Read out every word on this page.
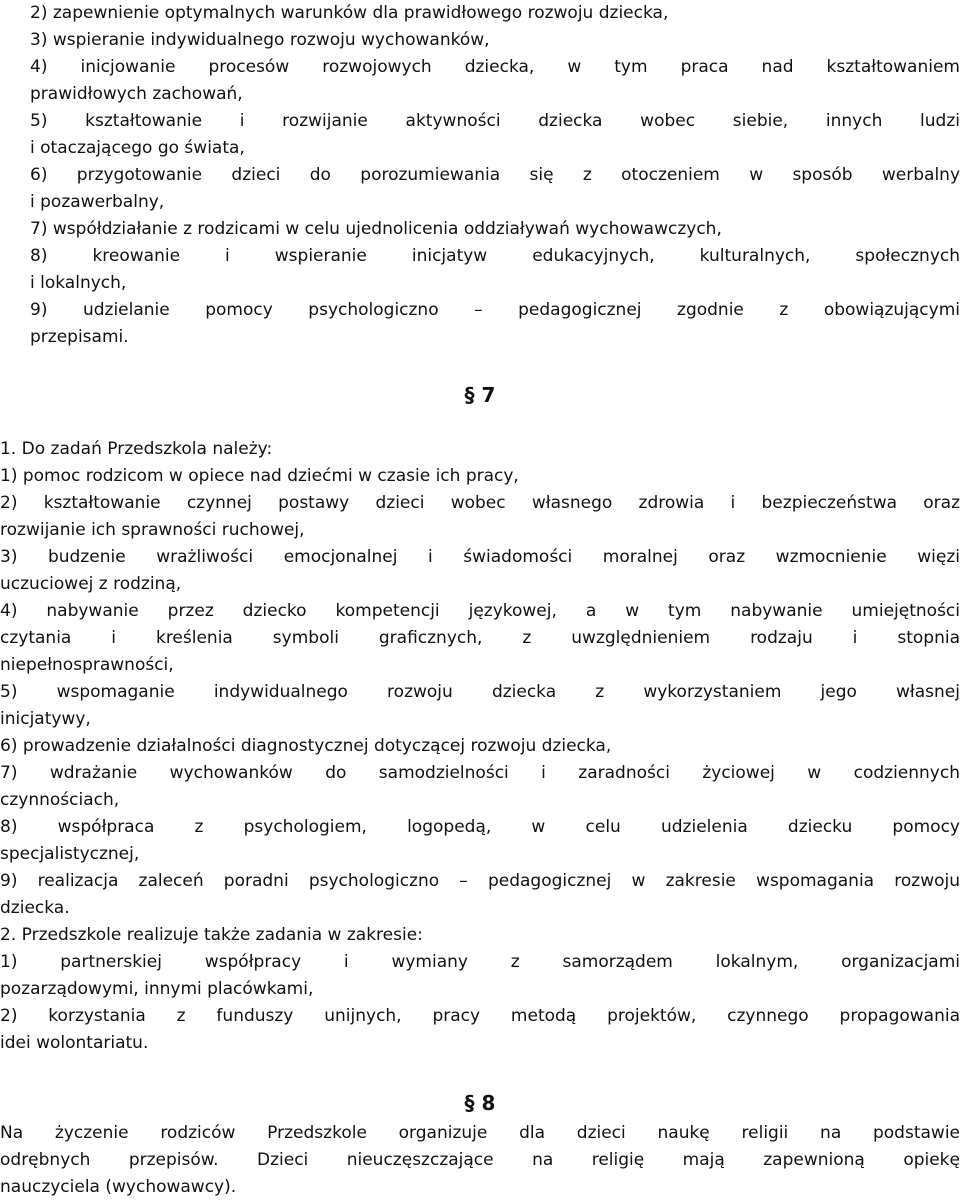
2) zapewnienie optymalnych warunków dla prawidłowego rozwoju dziecka,
3) wspieranie indywidualnego rozwoju wychowanków,
4) inicjowanie procesów rozwojowych dziecka, w tym praca nad kształtowaniem
prawidłowych zachowań,
5) kształtowanie i rozwijanie aktywności dziecka wobec siebie, innych ludzi
i otaczającego go świata,
6) przygotowanie dzieci do porozumiewania się z otoczeniem w sposób werbalny
i pozawerbalny,
7) współdziałanie z rodzicami w celu ujednolicenia oddziaływań wychowawczych,
8) kreowanie i wspieranie inicjatyw edukacyjnych, kulturalnych, społecznych
i lokalnych,
9) udzielanie pomocy psychologiczno – pedagogicznej zgodnie z obowiązującymi
przepisami.
§ 7
1. Do zadań Przedszkola należy:
1) pomoc rodzicom w opiece nad dziećmi w czasie ich pracy,
2) kształtowanie czynnej postawy dzieci wobec własnego zdrowia i bezpieczeństwa oraz
rozwijanie ich sprawności ruchowej,
3) budzenie wrażliwości emocjonalnej i świadomości moralnej oraz wzmocnienie więzi
uczuciowej z rodziną,
4) nabywanie przez dziecko kompetencji językowej, a w tym nabywanie umiejętności
czytania i kreślenia symboli graficznych, z uwzględnieniem rodzaju i stopnia
niepełnosprawności,
5) wspomaganie indywidualnego rozwoju dziecka z wykorzystaniem jego własnej
inicjatywy,
6) prowadzenie działalności diagnostycznej dotyczącej rozwoju dziecka,
7) wdrażanie wychowanków do samodzielności i zaradności życiowej w codziennych
czynnościach,
8) współpraca z psychologiem, logopedą, w celu udzielenia dziecku pomocy
specjalistycznej,
9) realizacja zaleceń poradni psychologiczno – pedagogicznej w zakresie wspomagania rozwoju
dziecka.
2. Przedszkole realizuje także zadania w zakresie:
1) partnerskiej współpracy i wymiany z samorządem lokalnym, organizacjami
pozarządowymi, innymi placówkami,
2) korzystania z funduszy unijnych, pracy metodą projektów, czynnego propagowania
idei wolontariatu.
§ 8
Na życzenie rodziców Przedszkole organizuje dla dzieci naukę religii na podstawie
odrębnych przepisów. Dzieci nieuczęszczające na religię mają zapewnioną opiekę
nauczyciela (wychowawcy).
